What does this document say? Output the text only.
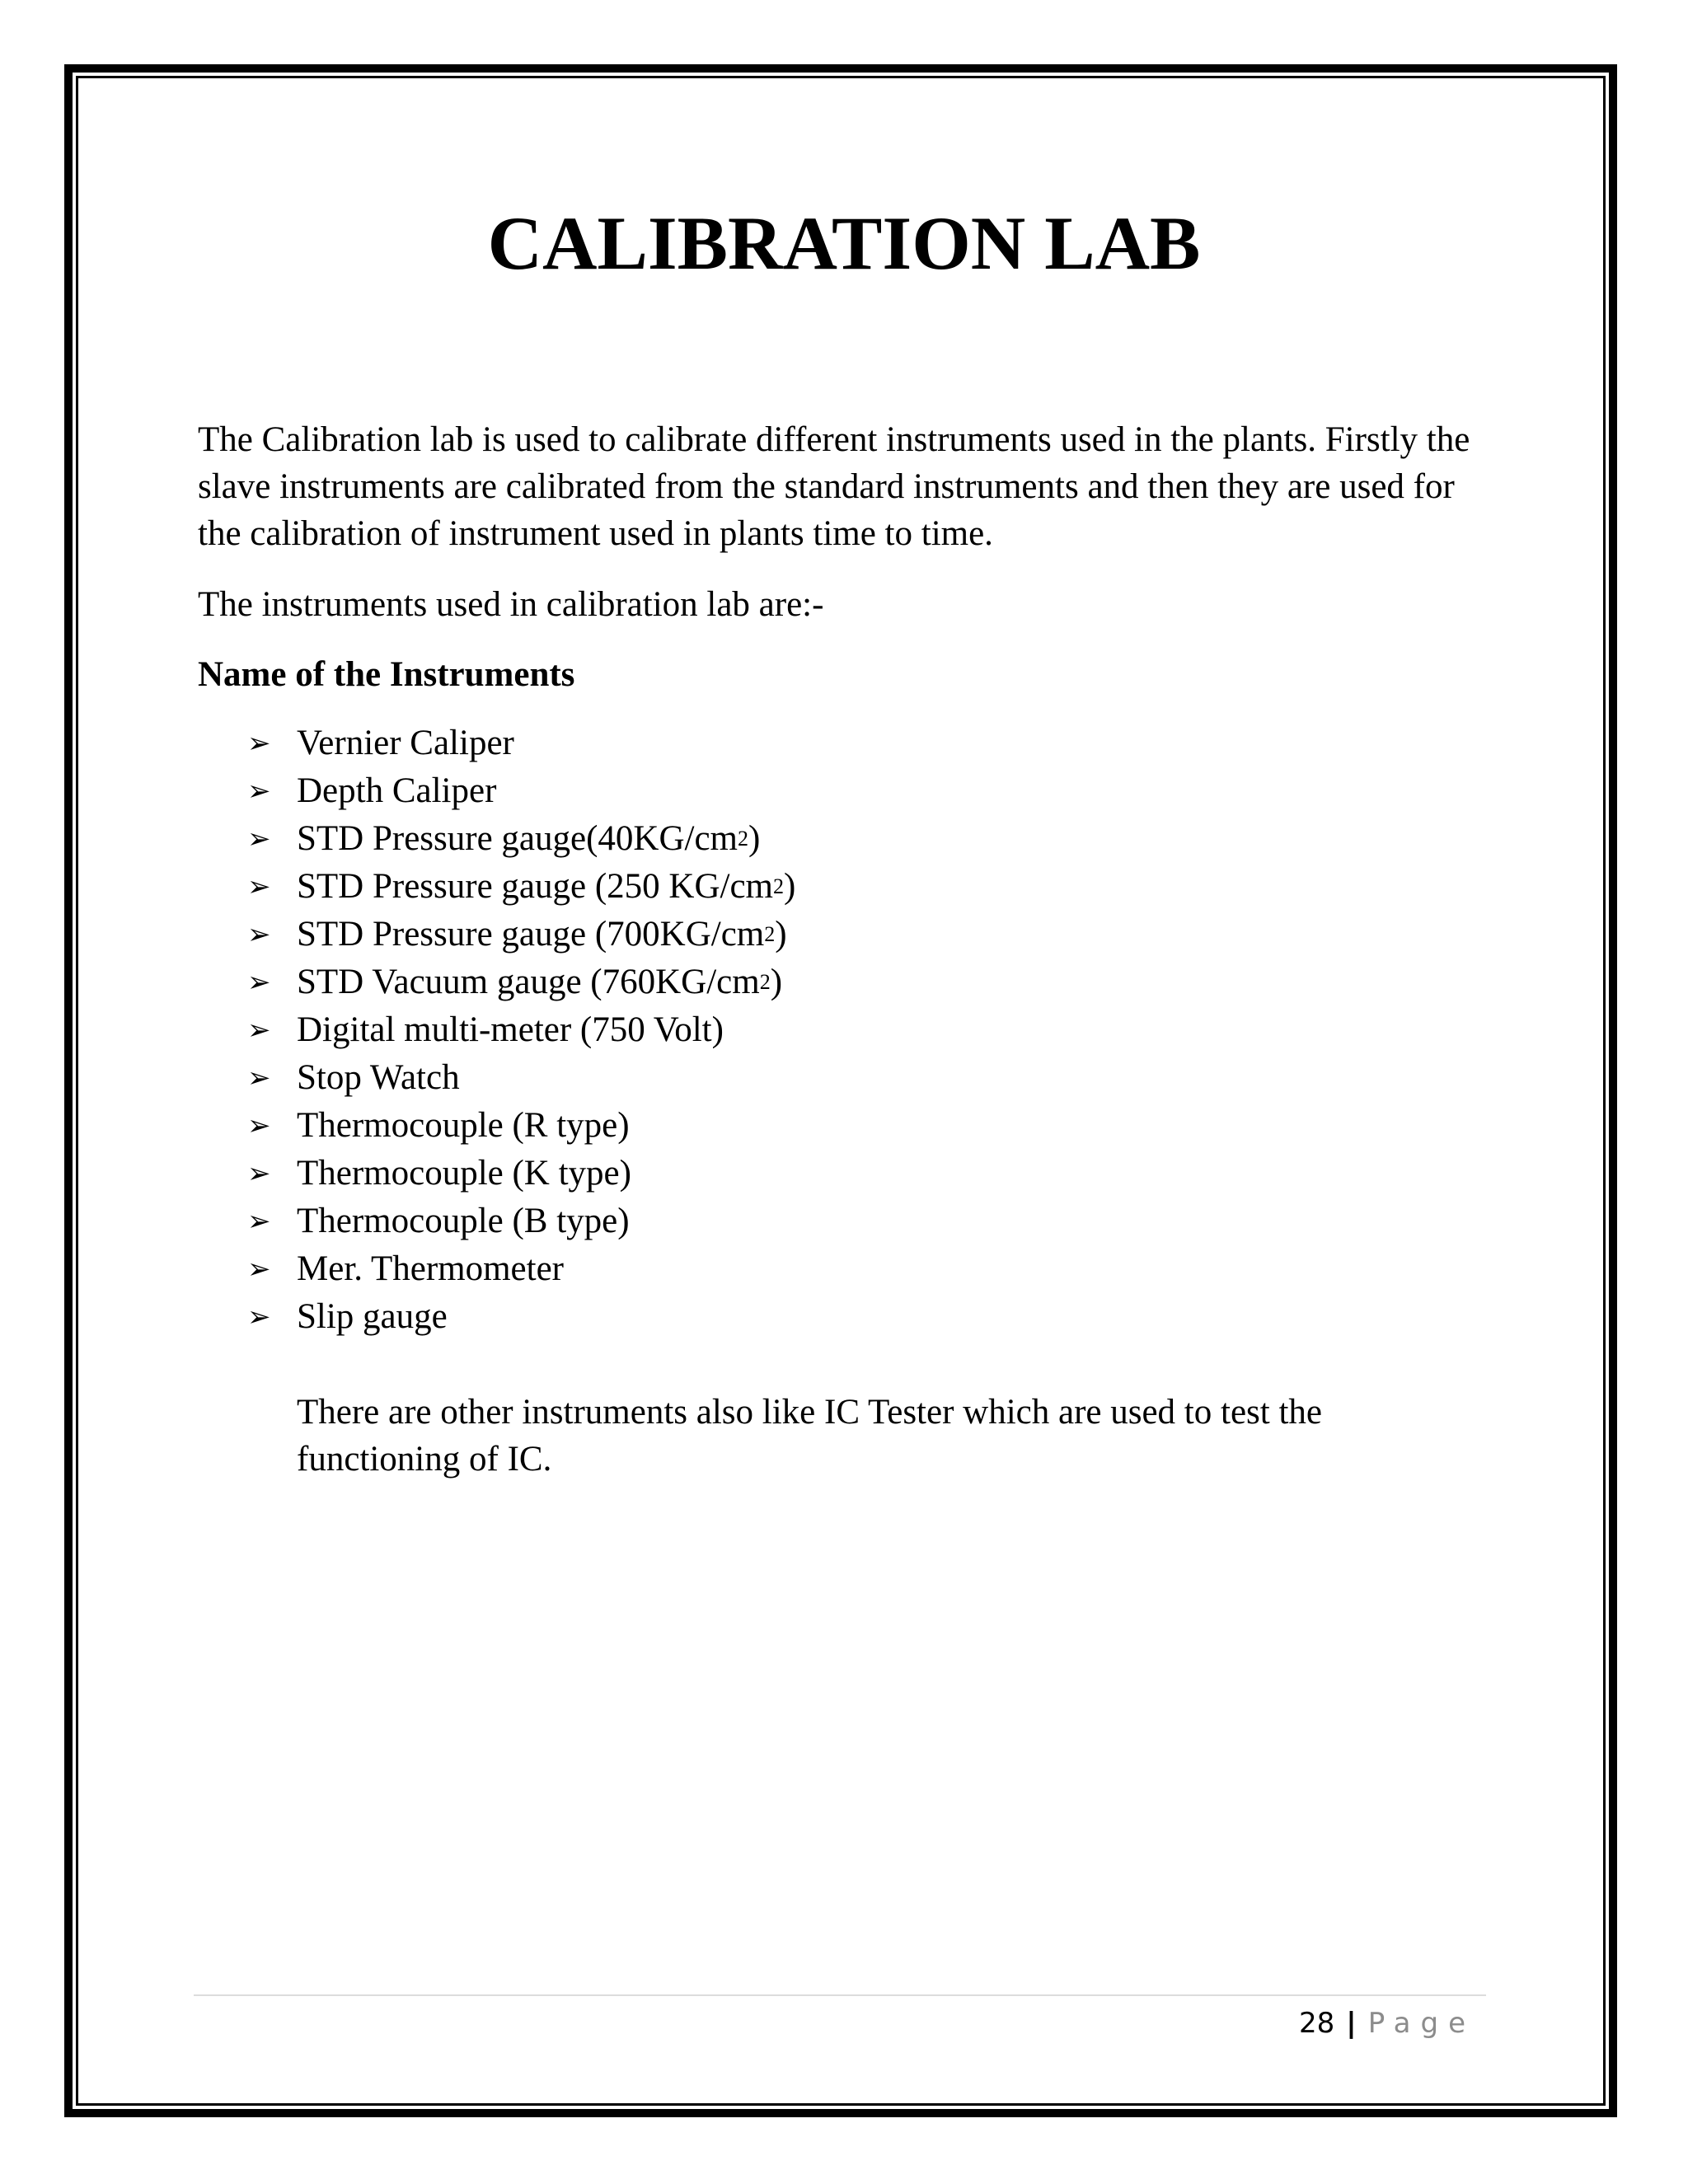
CALIBRATION LAB

The Calibration lab is used to calibrate different instruments used in the plants. Firstly the slave instruments are calibrated from the standard instruments and then they are used for the calibration of instrument used in plants time to time.

The instruments used in calibration lab are:-

Name of the Instruments

➢ Vernier Caliper
➢ Depth Caliper
➢ STD Pressure gauge(40KG/cm 2 )
➢ STD Pressure gauge (250 KG/cm 2 )
➢ STD Pressure gauge (700KG/cm 2 )
➢ STD Vacuum gauge (760KG/cm 2 )
➢ Digital multi-meter (750 Volt)
➢ Stop Watch
➢ Thermocouple (R type)
➢ Thermocouple (K type)
➢ Thermocouple (B type)
➢ Mer. Thermometer
➢ Slip gauge

There are other instruments also like IC Tester which are used to test the functioning of IC.

28 | Page
